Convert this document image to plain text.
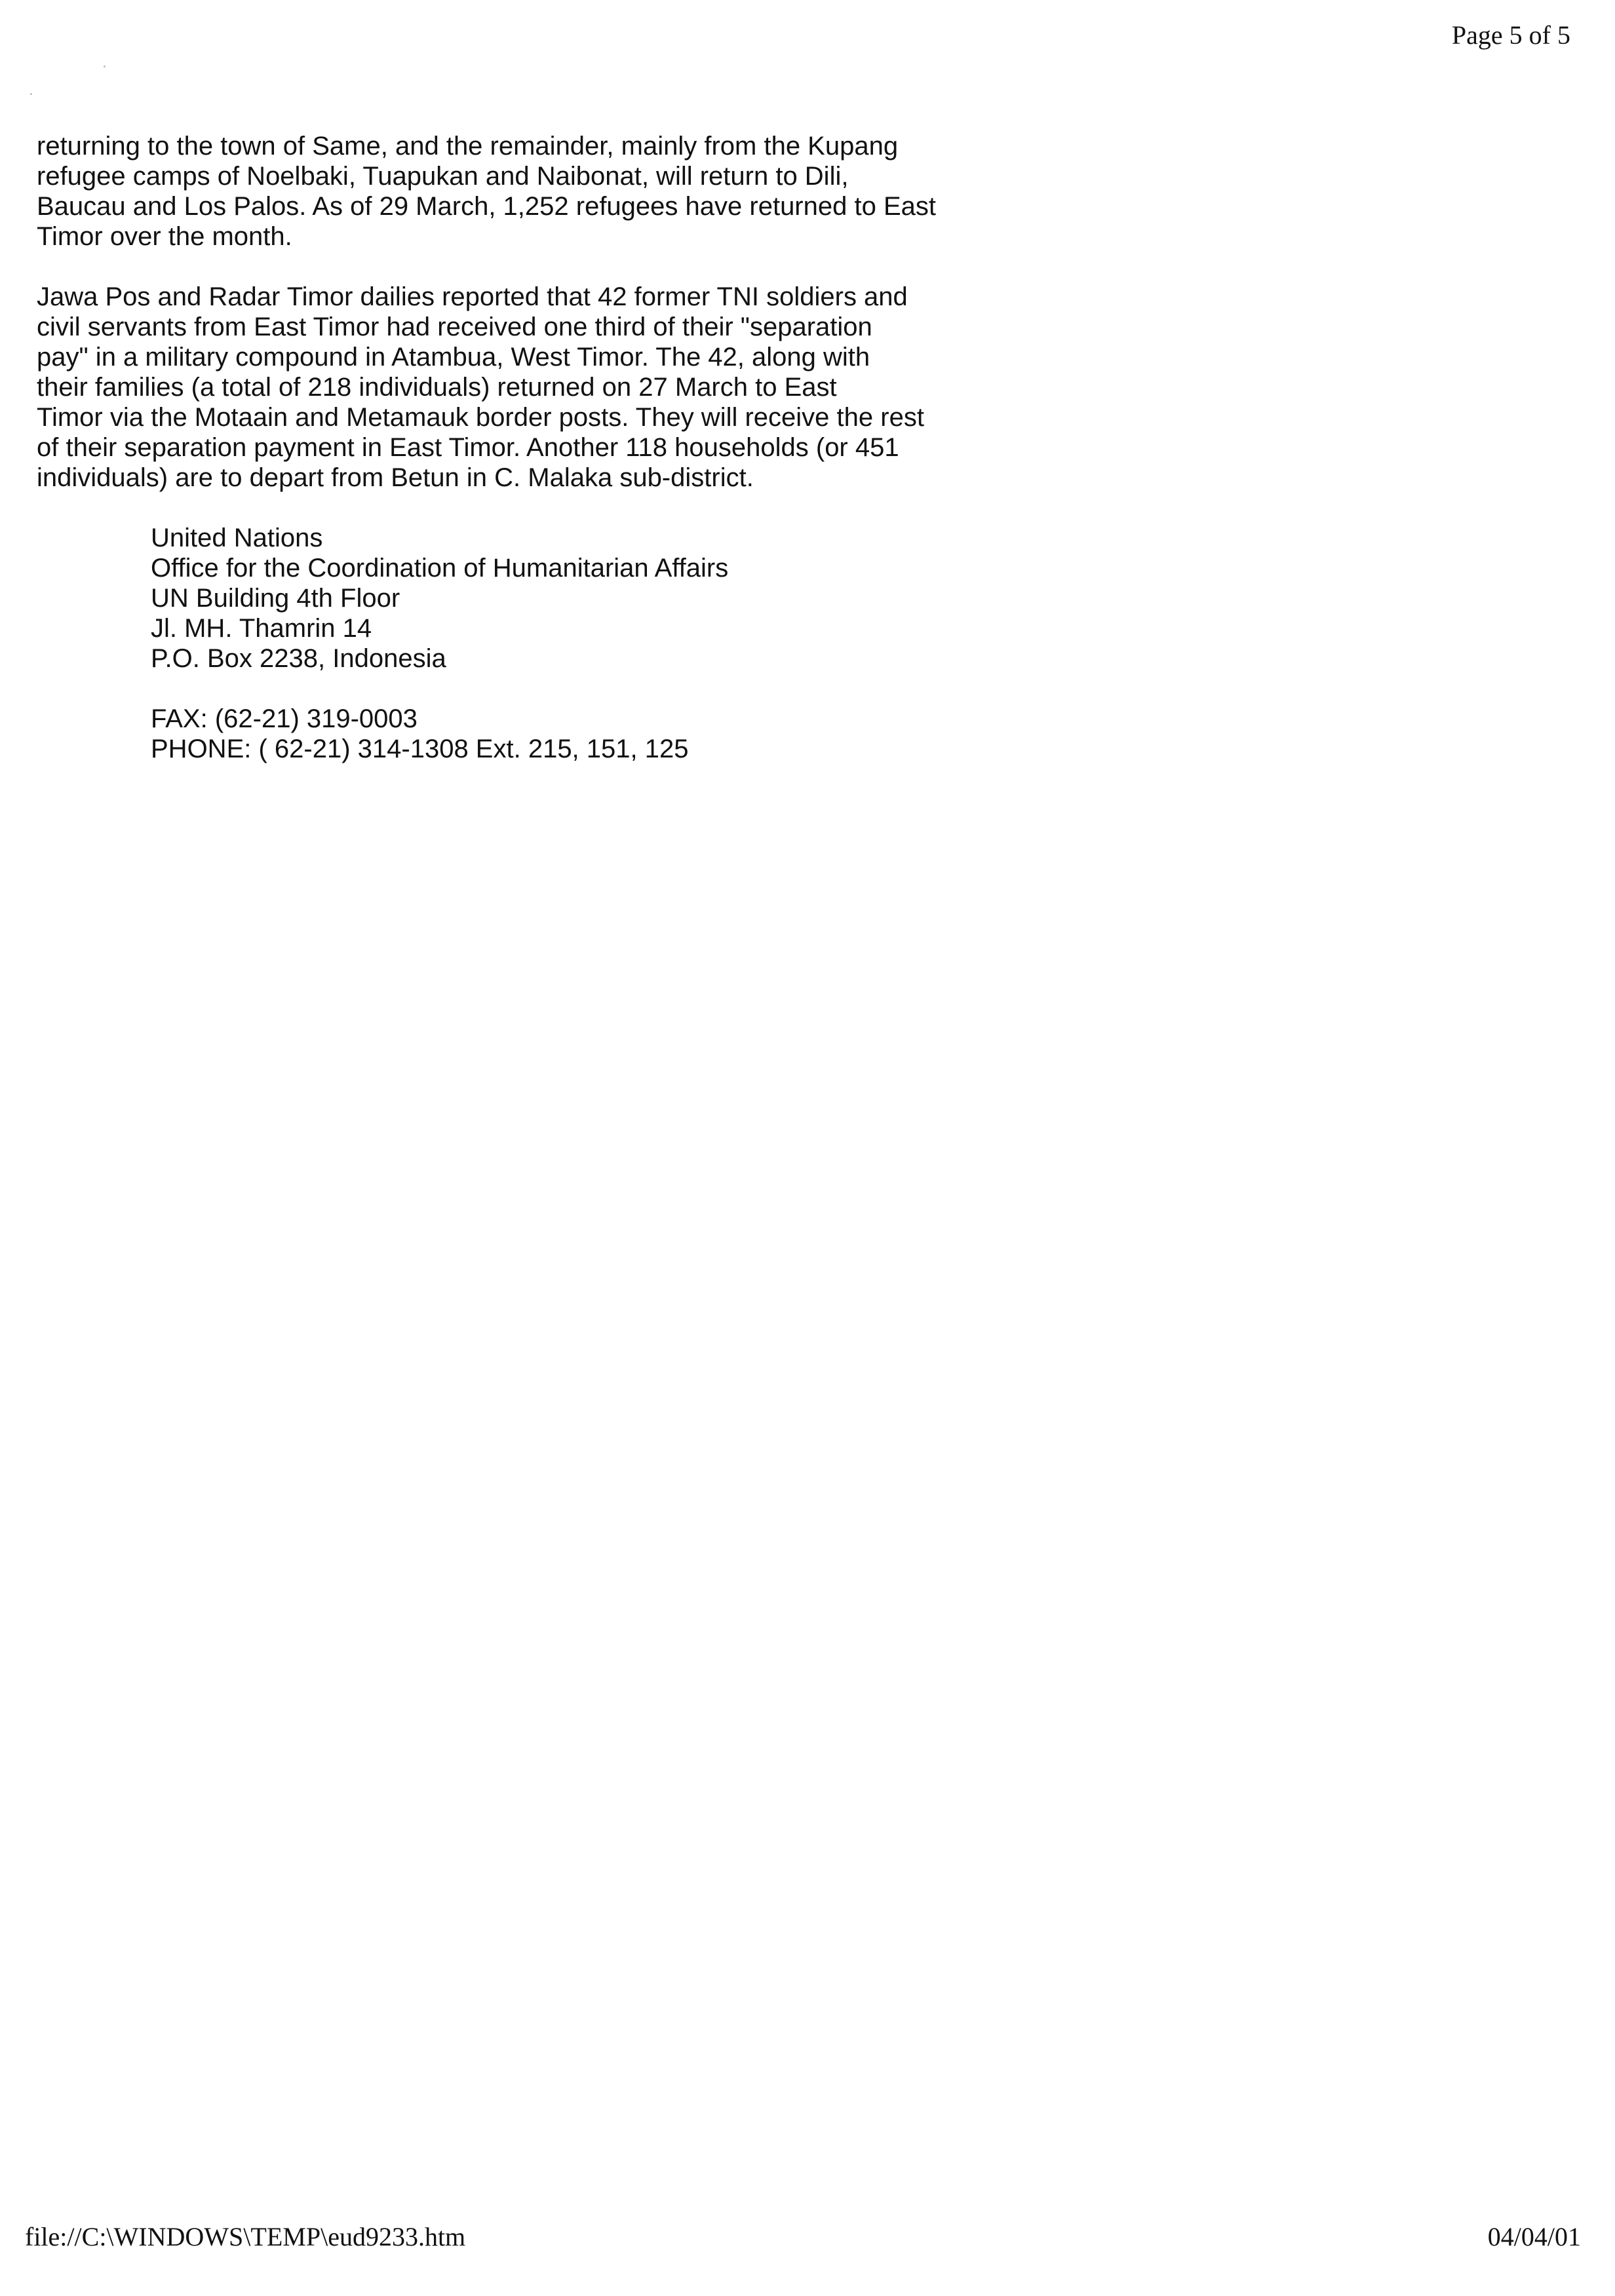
Page 5 of 5
returning to the town of Same, and the remainder, mainly from the Kupang
refugee camps of Noelbaki, Tuapukan and Naibonat, will return to Dili,
Baucau and Los Palos. As of 29 March, 1,252 refugees have returned to East
Timor over the month.
Jawa Pos and Radar Timor dailies reported that 42 former TNI soldiers and
civil servants from East Timor had received one third of their "separation
pay" in a military compound in Atambua, West Timor. The 42, along with
their families (a total of 218 individuals) returned on 27 March to East
Timor via the Motaain and Metamauk border posts. They will receive the rest
of their separation payment in East Timor. Another 118 households (or 451
individuals) are to depart from Betun in C. Malaka sub-district.
United Nations
Office for the Coordination of Humanitarian Affairs
UN Building 4th Floor
Jl. MH. Thamrin 14
P.O. Box 2238, Indonesia
FAX: (62-21) 319-0003
PHONE: ( 62-21) 314-1308 Ext. 215, 151, 125
file://C:\WINDOWS\TEMP\eud9233.htm	04/04/01
